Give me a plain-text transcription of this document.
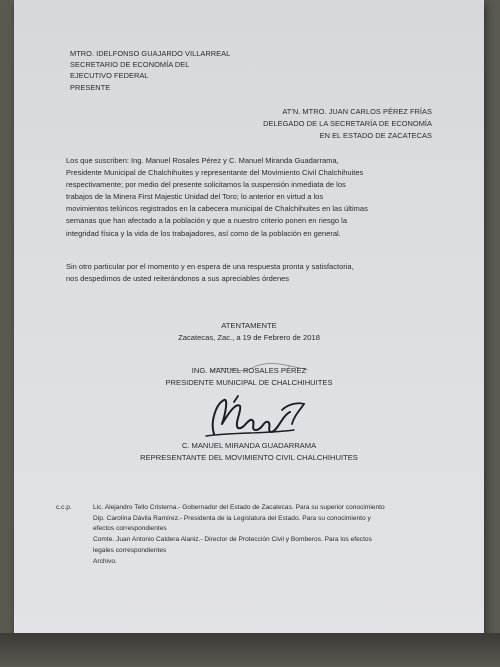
MTRO. IDELFONSO GUAJARDO VILLARREAL
SECRETARIO DE ECONOMÍA DEL
EJECUTIVO FEDERAL
PRESENTE
AT'N. MTRO. JUAN CARLOS PÉREZ FRÍAS
DELEGADO DE LA SECRETARÍA DE ECONOMÍA
EN EL ESTADO DE ZACATECAS
Los que suscriben: Ing. Manuel Rosales Pérez y C. Manuel Miranda Guadarrama,
Presidente Municipal de Chalchihuites y representante del Movimiento Civil Chalchihuites
respectivamente; por medio del presente solicitamos la suspensión inmediata de los
trabajos de la Minera First Majestic Unidad del Toro; lo anterior en virtud a los
movimientos telúricos registrados en la cabecera municipal de Chalchihuites en las últimas
semanas que han afectado a la población y que a nuestro criterio ponen en riesgo la
integridad física y la vida de los trabajadores, así como de la población en general.
Sin otro particular por el momento y en espera de una respuesta pronta y satisfactoria,
nos despedimos de usted reiterándonos a sus apreciables órdenes
ATENTAMENTE
Zacatecas, Zac., a 19 de Febrero de 2018
ING. MANUEL ROSALES PÉREZ
PRESIDENTE MUNICIPAL DE CHALCHIHUITES
C. MANUEL MIRANDA GUADARRAMA
REPRESENTANTE DEL MOVIMIENTO CIVIL CHALCHIHUITES
c.c.p.	Lic. Alejandro Tello Cristerna.- Gobernador del Estado de Zacatecas. Para su superior conocimiento
Dip. Carolina Dávila Ramírez.- Presidenta de la Legislatura del Estado. Para su conocimiento y
efectos correspondientes
Comte. Juan Antonio Caldera Alaniz.- Director de Protección Civil y Bomberos. Para los efectos
legales correspondientes
Archivo.
